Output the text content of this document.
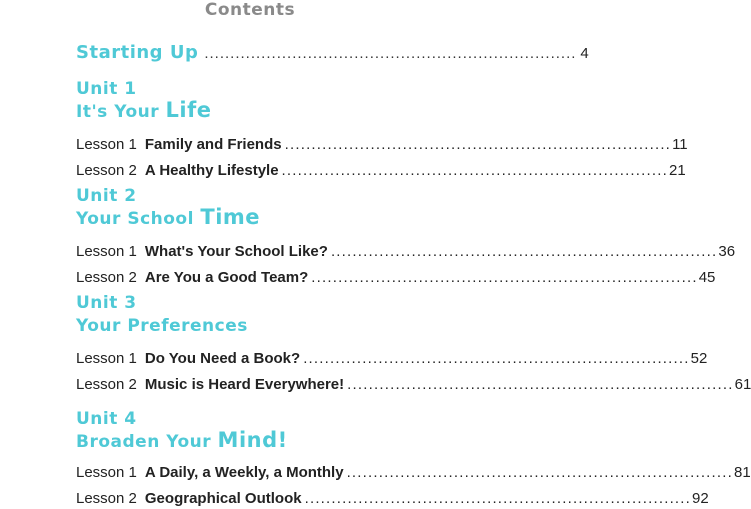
Contents
Starting Up ........................................................................ 4
Unit 1
It's Your Life
Lesson 1 Family and Friends ........................................................................ 11
Lesson 2 A Healthy Lifestyle ........................................................................ 21
Unit 2
Your School Time
Lesson 1 What's Your School Like? ........................................................................ 36
Lesson 2 Are You a Good Team? ........................................................................ 45
Unit 3
Your Preferences
Lesson 1 Do You Need a Book? ........................................................................ 52
Lesson 2 Music is Heard Everywhere! ........................................................................ 61
Unit 4
Broaden Your Mind!
Lesson 1 A Daily, a Weekly, a Monthly ........................................................................ 81
Lesson 2 Geographical Outlook ........................................................................ 92
